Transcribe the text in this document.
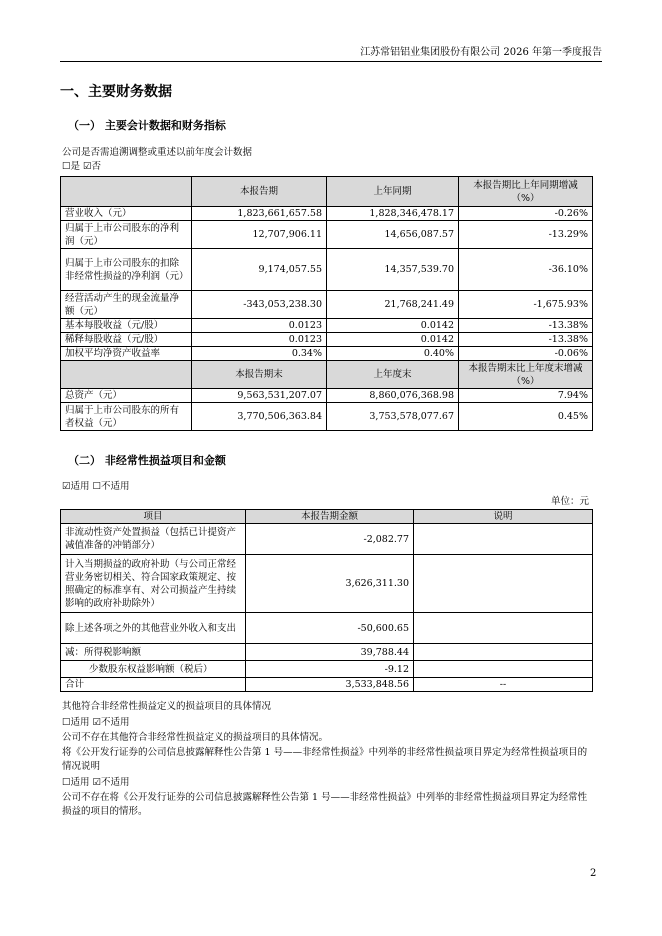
江苏常铝铝业集团股份有限公司 2026 年第一季度报告
一、主要财务数据
（一） 主要会计数据和财务指标
公司是否需追溯调整或重述以前年度会计数据
☐是 ☑否
	本报告期	上年同期	本报告期比上年同期增减（%）
营业收入（元）	1,823,661,657.58	1,828,346,478.17	-0.26%
归属于上市公司股东的净利润（元）	12,707,906.11	14,656,087.57	-13.29%
归属于上市公司股东的扣除非经常性损益的净利润（元）	9,174,057.55	14,357,539.70	-36.10%
经营活动产生的现金流量净额（元）	-343,053,238.30	21,768,241.49	-1,675.93%
基本每股收益（元/股）	0.0123	0.0142	-13.38%
稀释每股收益（元/股）	0.0123	0.0142	-13.38%
加权平均净资产收益率	0.34%	0.40%	-0.06%
	本报告期末	上年度末	本报告期末比上年度末增减（%）
总资产（元）	9,563,531,207.07	8,860,076,368.98	7.94%
归属于上市公司股东的所有者权益（元）	3,770,506,363.84	3,753,578,077.67	0.45%
（二） 非经常性损益项目和金额
☑适用 ☐不适用
单位：元
项目	本报告期金额	说明
非流动性资产处置损益（包括已计提资产减值准备的冲销部分）	-2,082.77	
计入当期损益的政府补助（与公司正常经营业务密切相关、符合国家政策规定、按照确定的标准享有、对公司损益产生持续影响的政府补助除外）	3,626,311.30	
除上述各项之外的其他营业外收入和支出	-50,600.65	
减：所得税影响额	39,788.44	
少数股东权益影响额（税后）	-9.12	
合计	3,533,848.56	--
其他符合非经常性损益定义的损益项目的具体情况
☐适用 ☑不适用
公司不存在其他符合非经常性损益定义的损益项目的具体情况。
将《公开发行证券的公司信息披露解释性公告第 1 号——非经常性损益》中列举的非经常性损益项目界定为经常性损益项目的情况说明
☐适用 ☑不适用
公司不存在将《公开发行证券的公司信息披露解释性公告第 1 号——非经常性损益》中列举的非经常性损益项目界定为经常性损益的项目的情形。
2
